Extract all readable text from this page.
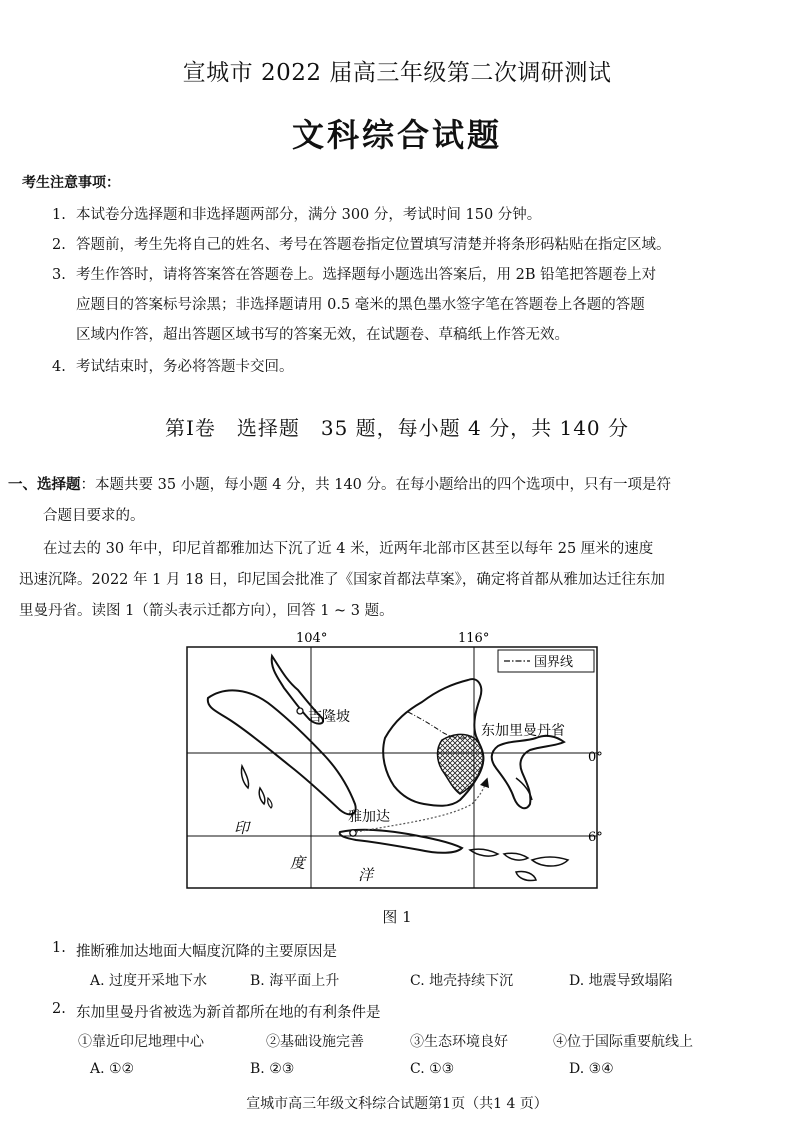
宣城市 2022 届高三年级第二次调研测试
文科综合试题
考生注意事项：
1. 本试卷分选择题和非选择题两部分，满分 300 分，考试时间 150 分钟。
2. 答题前，考生先将自己的姓名、考号在答题卷指定位置填写清楚并将条形码粘贴在指定区域。
3. 考生作答时，请将答案答在答题卷上。选择题每小题选出答案后，用 2B 铅笔把答题卷上对
应题目的答案标号涂黑；非选择题请用 0.5 毫米的黑色墨水签字笔在答题卷上各题的答题
区域内作答，超出答题区域书写的答案无效，在试题卷、草稿纸上作答无效。
4. 考试结束时，务必将答题卡交回。
第Ⅰ卷　选择题　35 题，每小题 4 分，共 140 分
一、选择题：本题共要 35 小题，每小题 4 分，共 140 分。在每小题给出的四个选项中，只有一项是符
合题目要求的。
在过去的 30 年中，印尼首都雅加达下沉了近 4 米，近两年北部市区甚至以每年 25 厘米的速度
迅速沉降。2022 年 1 月 18 日，印尼国会批准了《国家首都法草案》，确定将首都从雅加达迁往东加
里曼丹省。读图 1（箭头表示迁都方向），回答 1 ~ 3 题。
国界线
104°	116°
0°
6°
吉隆坡
东加里曼丹省
雅加达
印
度
洋
图 1
1. 推断雅加达地面大幅度沉降的主要原因是
A. 过度开采地下水	B. 海平面上升	C. 地壳持续下沉	D. 地震导致塌陷
2. 东加里曼丹省被选为新首都所在地的有利条件是
①靠近印尼地理中心	②基础设施完善	③生态环境良好	④位于国际重要航线上
A. ①②	B. ②③	C. ①③	D. ③④
宣城市高三年级文科综合试题第1页（共1 4 页）
